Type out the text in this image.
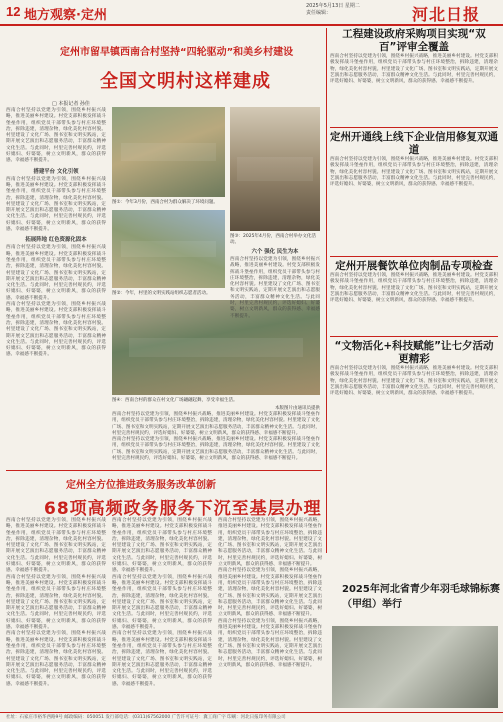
12 地方观察·定州
2025年5月13日 星期二
责任编辑：	河北日报
定州市留早镇西南合村坚持“四轮驱动”和美乡村建设
全国文明村这样建成
□ 本报记者 孙佳
西南合村坚持以党建为引领，围绕乡村振兴战略，推进美丽乡村建设。村党支部积极发挥战斗堡垒作用，组织党员干部带头参与村庄环境整治，拆除违建，清理杂物，绿化美化村容村貌。村里建设了文化广场、图书室和文明实践站，定期开展文艺演出和志愿服务活动，丰富群众精神文化生活。与此同时，村里完善村规民约，评选好媳妇、好婆婆，树立文明新风，群众的获得感、幸福感不断提升。
搭建平台 文化引领
西南合村坚持以党建为引领，围绕乡村振兴战略，推进美丽乡村建设。村党支部积极发挥战斗堡垒作用，组织党员干部带头参与村庄环境整治，拆除违建，清理杂物，绿化美化村容村貌。村里建设了文化广场、图书室和文明实践站，定期开展文艺演出和志愿服务活动，丰富群众精神文化生活。与此同时，村里完善村规民约，评选好媳妇、好婆婆，树立文明新风，群众的获得感、幸福感不断提升。
拓展阵地 红色资源化固本
西南合村坚持以党建为引领，围绕乡村振兴战略，推进美丽乡村建设。村党支部积极发挥战斗堡垒作用，组织党员干部带头参与村庄环境整治，拆除违建，清理杂物，绿化美化村容村貌。村里建设了文化广场、图书室和文明实践站，定期开展文艺演出和志愿服务活动，丰富群众精神文化生活。与此同时，村里完善村规民约，评选好媳妇、好婆婆，树立文明新风，群众的获得感、幸福感不断提升。
西南合村坚持以党建为引领，围绕乡村振兴战略，推进美丽乡村建设。村党支部积极发挥战斗堡垒作用，组织党员干部带头参与村庄环境整治，拆除违建，清理杂物，绿化美化村容村貌。村里建设了文化广场、图书室和文明实践站，定期开展文艺演出和志愿服务活动，丰富群众精神文化生活。与此同时，村里完善村规民约，评选好媳妇、好婆婆，树立文明新风，群众的获得感、幸福感不断提升。
图①：今年3月份，西南合村为群众解决了环境问题。
图②：今年，村里的文明实践站组织志愿者活动。
图③：2025年4月份，西南合村举办文化活动。
图④：西南合村的群众在村文化广场翩翩起舞，享受幸福生活。
本版图片由通讯员提供
六个 强化 民生为本
西南合村坚持以党建为引领，围绕乡村振兴战略，推进美丽乡村建设。村党支部积极发挥战斗堡垒作用，组织党员干部带头参与村庄环境整治，拆除违建，清理杂物，绿化美化村容村貌。村里建设了文化广场、图书室和文明实践站，定期开展文艺演出和志愿服务活动，丰富群众精神文化生活。与此同时，村里完善村规民约，评选好媳妇、好婆婆，树立文明新风，群众的获得感、幸福感不断提升。
西南合村坚持以党建为引领，围绕乡村振兴战略，推进美丽乡村建设。村党支部积极发挥战斗堡垒作用，组织党员干部带头参与村庄环境整治，拆除违建，清理杂物，绿化美化村容村貌。村里建设了文化广场、图书室和文明实践站，定期开展文艺演出和志愿服务活动，丰富群众精神文化生活。与此同时，村里完善村规民约，评选好媳妇、好婆婆，树立文明新风，群众的获得感、幸福感不断提升。
西南合村坚持以党建为引领，围绕乡村振兴战略，推进美丽乡村建设。村党支部积极发挥战斗堡垒作用，组织党员干部带头参与村庄环境整治，拆除违建，清理杂物，绿化美化村容村貌。村里建设了文化广场、图书室和文明实践站，定期开展文艺演出和志愿服务活动，丰富群众精神文化生活。与此同时，村里完善村规民约，评选好媳妇、好婆婆，树立文明新风，群众的获得感、幸福感不断提升。
工程建设政府采购项目实现“双百”评审全覆盖
西南合村坚持以党建为引领，围绕乡村振兴战略，推进美丽乡村建设。村党支部积极发挥战斗堡垒作用，组织党员干部带头参与村庄环境整治，拆除违建，清理杂物，绿化美化村容村貌。村里建设了文化广场、图书室和文明实践站，定期开展文艺演出和志愿服务活动，丰富群众精神文化生活。与此同时，村里完善村规民约，评选好媳妇、好婆婆，树立文明新风，群众的获得感、幸福感不断提升。
定州开通线上线下企业信用修复双通道
西南合村坚持以党建为引领，围绕乡村振兴战略，推进美丽乡村建设。村党支部积极发挥战斗堡垒作用，组织党员干部带头参与村庄环境整治，拆除违建，清理杂物，绿化美化村容村貌。村里建设了文化广场、图书室和文明实践站，定期开展文艺演出和志愿服务活动，丰富群众精神文化生活。与此同时，村里完善村规民约，评选好媳妇、好婆婆，树立文明新风，群众的获得感、幸福感不断提升。
定州开展餐饮单位肉制品专项检查
西南合村坚持以党建为引领，围绕乡村振兴战略，推进美丽乡村建设。村党支部积极发挥战斗堡垒作用，组织党员干部带头参与村庄环境整治，拆除违建，清理杂物，绿化美化村容村貌。村里建设了文化广场、图书室和文明实践站，定期开展文艺演出和志愿服务活动，丰富群众精神文化生活。与此同时，村里完善村规民约，评选好媳妇、好婆婆，树立文明新风，群众的获得感、幸福感不断提升。
“文物活化+科技赋能”让七夕活动更精彩
西南合村坚持以党建为引领，围绕乡村振兴战略，推进美丽乡村建设。村党支部积极发挥战斗堡垒作用，组织党员干部带头参与村庄环境整治，拆除违建，清理杂物，绿化美化村容村貌。村里建设了文化广场、图书室和文明实践站，定期开展文艺演出和志愿服务活动，丰富群众精神文化生活。与此同时，村里完善村规民约，评选好媳妇、好婆婆，树立文明新风，群众的获得感、幸福感不断提升。
2025年河北省青少年羽毛球锦标赛（甲组）举行
定州全方位推进政务服务改革创新
68项高频政务服务下沉至基层办理
西南合村坚持以党建为引领，围绕乡村振兴战略，推进美丽乡村建设。村党支部积极发挥战斗堡垒作用，组织党员干部带头参与村庄环境整治，拆除违建，清理杂物，绿化美化村容村貌。村里建设了文化广场、图书室和文明实践站，定期开展文艺演出和志愿服务活动，丰富群众精神文化生活。与此同时，村里完善村规民约，评选好媳妇、好婆婆，树立文明新风，群众的获得感、幸福感不断提升。
西南合村坚持以党建为引领，围绕乡村振兴战略，推进美丽乡村建设。村党支部积极发挥战斗堡垒作用，组织党员干部带头参与村庄环境整治，拆除违建，清理杂物，绿化美化村容村貌。村里建设了文化广场、图书室和文明实践站，定期开展文艺演出和志愿服务活动，丰富群众精神文化生活。与此同时，村里完善村规民约，评选好媳妇、好婆婆，树立文明新风，群众的获得感、幸福感不断提升。
西南合村坚持以党建为引领，围绕乡村振兴战略，推进美丽乡村建设。村党支部积极发挥战斗堡垒作用，组织党员干部带头参与村庄环境整治，拆除违建，清理杂物，绿化美化村容村貌。村里建设了文化广场、图书室和文明实践站，定期开展文艺演出和志愿服务活动，丰富群众精神文化生活。与此同时，村里完善村规民约，评选好媳妇、好婆婆，树立文明新风，群众的获得感、幸福感不断提升。
西南合村坚持以党建为引领，围绕乡村振兴战略，推进美丽乡村建设。村党支部积极发挥战斗堡垒作用，组织党员干部带头参与村庄环境整治，拆除违建，清理杂物，绿化美化村容村貌。村里建设了文化广场、图书室和文明实践站，定期开展文艺演出和志愿服务活动，丰富群众精神文化生活。与此同时，村里完善村规民约，评选好媳妇、好婆婆，树立文明新风，群众的获得感、幸福感不断提升。
西南合村坚持以党建为引领，围绕乡村振兴战略，推进美丽乡村建设。村党支部积极发挥战斗堡垒作用，组织党员干部带头参与村庄环境整治，拆除违建，清理杂物，绿化美化村容村貌。村里建设了文化广场、图书室和文明实践站，定期开展文艺演出和志愿服务活动，丰富群众精神文化生活。与此同时，村里完善村规民约，评选好媳妇、好婆婆，树立文明新风，群众的获得感、幸福感不断提升。
西南合村坚持以党建为引领，围绕乡村振兴战略，推进美丽乡村建设。村党支部积极发挥战斗堡垒作用，组织党员干部带头参与村庄环境整治，拆除违建，清理杂物，绿化美化村容村貌。村里建设了文化广场、图书室和文明实践站，定期开展文艺演出和志愿服务活动，丰富群众精神文化生活。与此同时，村里完善村规民约，评选好媳妇、好婆婆，树立文明新风，群众的获得感、幸福感不断提升。
西南合村坚持以党建为引领，围绕乡村振兴战略，推进美丽乡村建设。村党支部积极发挥战斗堡垒作用，组织党员干部带头参与村庄环境整治，拆除违建，清理杂物，绿化美化村容村貌。村里建设了文化广场、图书室和文明实践站，定期开展文艺演出和志愿服务活动，丰富群众精神文化生活。与此同时，村里完善村规民约，评选好媳妇、好婆婆，树立文明新风，群众的获得感、幸福感不断提升。
西南合村坚持以党建为引领，围绕乡村振兴战略，推进美丽乡村建设。村党支部积极发挥战斗堡垒作用，组织党员干部带头参与村庄环境整治，拆除违建，清理杂物，绿化美化村容村貌。村里建设了文化广场、图书室和文明实践站，定期开展文艺演出和志愿服务活动，丰富群众精神文化生活。与此同时，村里完善村规民约，评选好媳妇、好婆婆，树立文明新风，群众的获得感、幸福感不断提升。
西南合村坚持以党建为引领，围绕乡村振兴战略，推进美丽乡村建设。村党支部积极发挥战斗堡垒作用，组织党员干部带头参与村庄环境整治，拆除违建，清理杂物，绿化美化村容村貌。村里建设了文化广场、图书室和文明实践站，定期开展文艺演出和志愿服务活动，丰富群众精神文化生活。与此同时，村里完善村规民约，评选好媳妇、好婆婆，树立文明新风，群众的获得感、幸福感不断提升。
社址：石家庄市裕华西路9号 邮政编码：050051 发行部电话：(0311)67562000 广告许可证号：冀工商广字 印刷：河北日报印务有限公司
